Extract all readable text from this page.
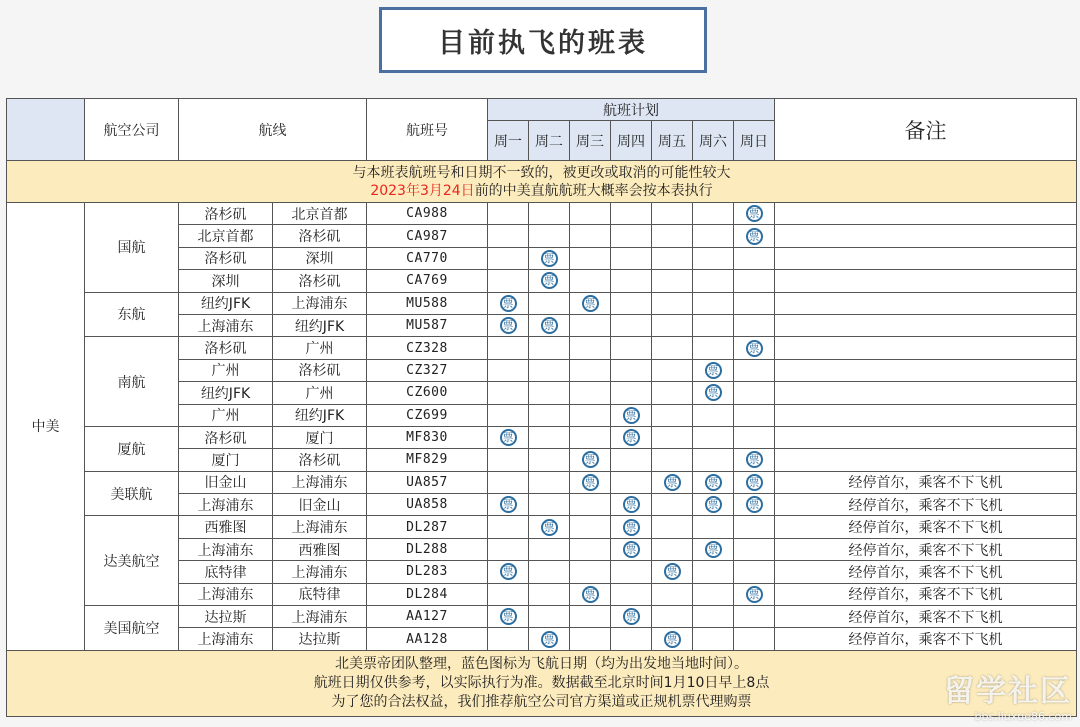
目前执飞的班表
	航空公司	航线		航班号	航班计划							备注
					周一	周二	周三	周四	周五	周六	周日	

与本班表航班号和日期不一致的，被更改或取消的可能性较大
2023年3月24日前的中美直航航班大概率会按本表执行												

中美	国航	洛杉矶	北京首都	CA988							票	
		北京首都	洛杉矶	CA987							票	
		洛杉矶	深圳	CA770		票						
		深圳	洛杉矶	CA769		票						
	东航	纽约JFK	上海浦东	MU588	票		票					
		上海浦东	纽约JFK	MU587	票	票						
	南航	洛杉矶	广州	CZ328							票	
		广州	洛杉矶	CZ327						票		
		纽约JFK	广州	CZ600						票		
		广州	纽约JFK	CZ699				票				
	厦航	洛杉矶	厦门	MF830	票			票				
		厦门	洛杉矶	MF829			票				票	
	美联航	旧金山	上海浦东	UA857			票		票	票	票	经停首尔，乘客不下飞机
		上海浦东	旧金山	UA858	票			票		票	票	经停首尔，乘客不下飞机
	达美航空	西雅图	上海浦东	DL287		票		票				经停首尔，乘客不下飞机
		上海浦东	西雅图	DL288				票		票		经停首尔，乘客不下飞机
		底特律	上海浦东	DL283	票				票			经停首尔，乘客不下飞机
		上海浦东	底特律	DL284			票				票	经停首尔，乘客不下飞机
	美国航空	达拉斯	上海浦东	AA127	票			票				经停首尔，乘客不下飞机
		上海浦东	达拉斯	AA128		票			票			经停首尔，乘客不下飞机

北美票帝团队整理，蓝色图标为飞航日期（均为出发地当地时间）。
航班日期仅供参考，以实际执行为准。数据截至北京时间1月10日早上8点
为了您的合法权益，我们推荐航空公司官方渠道或正规机票代理购票													留学社区
bbs.liuxue86.com
